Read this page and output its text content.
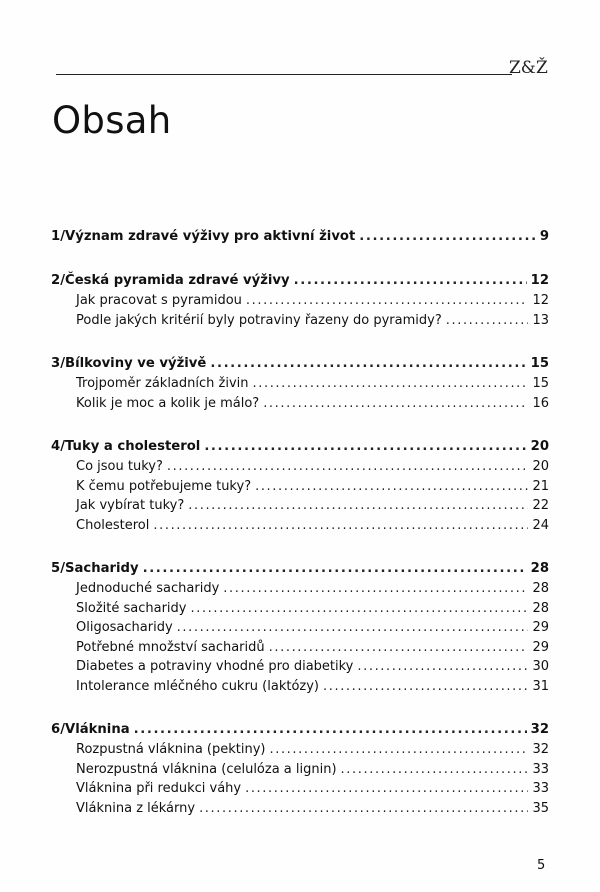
Z&Ž
Obsah
1 / Význam zdravé výživy pro aktivní život .....	9
2 / Česká pyramida zdravé výživy .....	12
Jak pracovat s pyramidou .....	12
Podle jakých kritérií byly potraviny řazeny do pyramidy? .....	13
3 / Bílkoviny ve výživě .....	15
Trojpoměr základních živin .....	15
Kolik je moc a kolik je málo? .....	16
4 / Tuky a cholesterol .....	20
Co jsou tuky? .....	20
K čemu potřebujeme tuky? .....	21
Jak vybírat tuky? .....	22
Cholesterol .....	24
5 / Sacharidy .....	28
Jednoduché sacharidy .....	28
Složité sacharidy .....	28
Oligosacharidy .....	29
Potřebné množství sacharidů .....	29
Diabetes a potraviny vhodné pro diabetiky .....	30
Intolerance mléčného cukru (laktózy) .....	31
6 / Vláknina .....	32
Rozpustná vláknina (pektiny) .....	32
Nerozpustná vláknina (celulóza a lignin) .....	33
Vláknina při redukci váhy .....	33
Vláknina z lékárny .....	35
5
